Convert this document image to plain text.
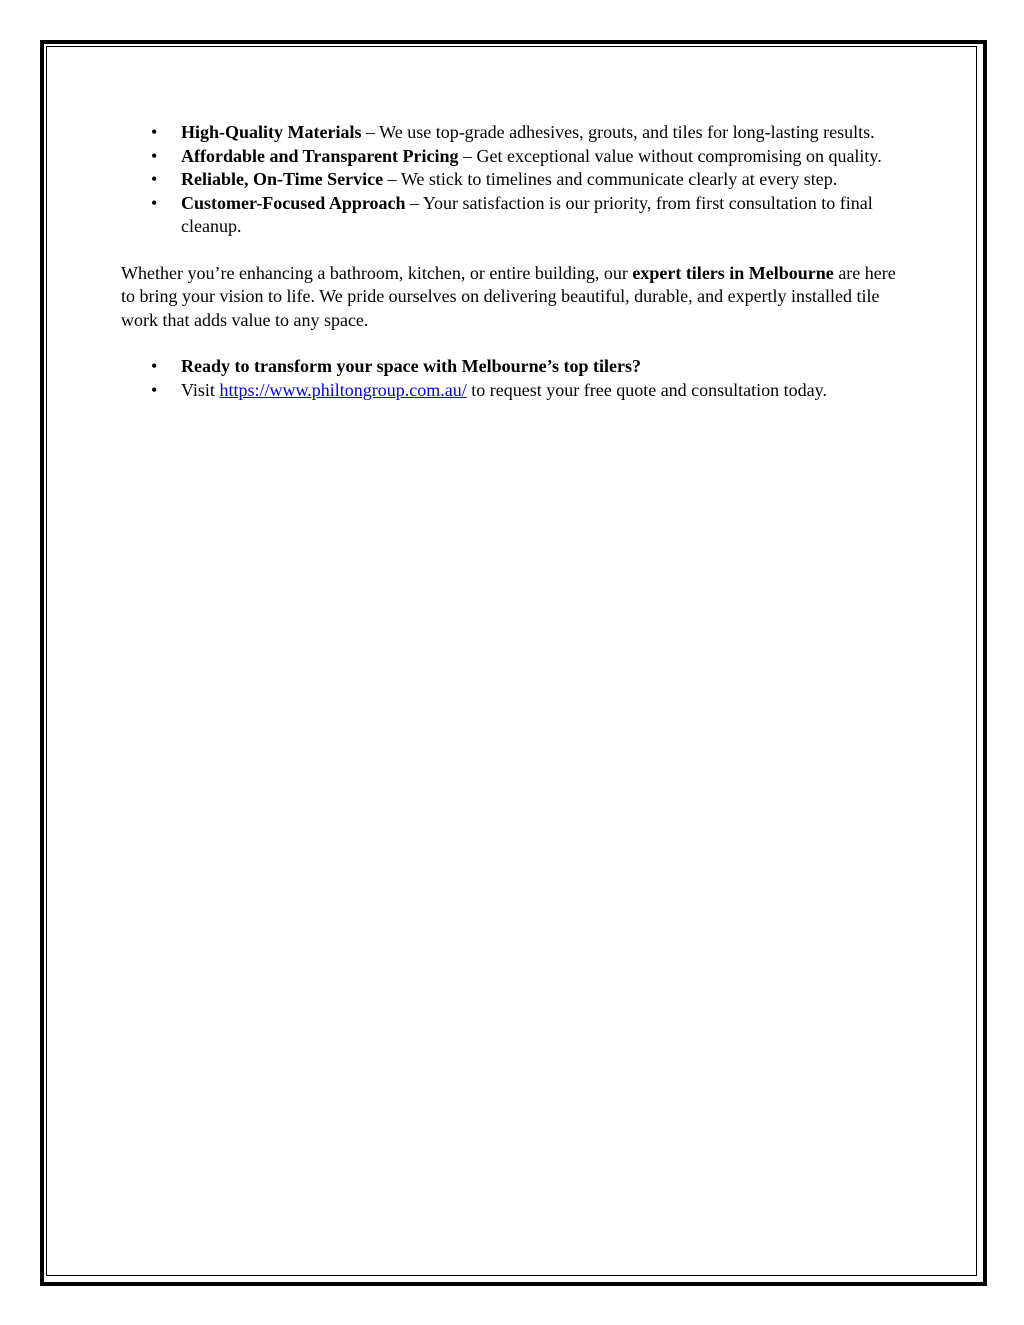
•	High-Quality Materials – We use top-grade adhesives, grouts, and tiles for long-lasting results.
•	Affordable and Transparent Pricing – Get exceptional value without compromising on quality.
•	Reliable, On-Time Service – We stick to timelines and communicate clearly at every step.
•	Customer-Focused Approach – Your satisfaction is our priority, from first consultation to final cleanup.

Whether you’re enhancing a bathroom, kitchen, or entire building, our expert tilers in Melbourne are here to bring your vision to life. We pride ourselves on delivering beautiful, durable, and expertly installed tile work that adds value to any space.

•	Ready to transform your space with Melbourne’s top tilers?
•	Visit https://www.philtongroup.com.au/ to request your free quote and consultation today.
